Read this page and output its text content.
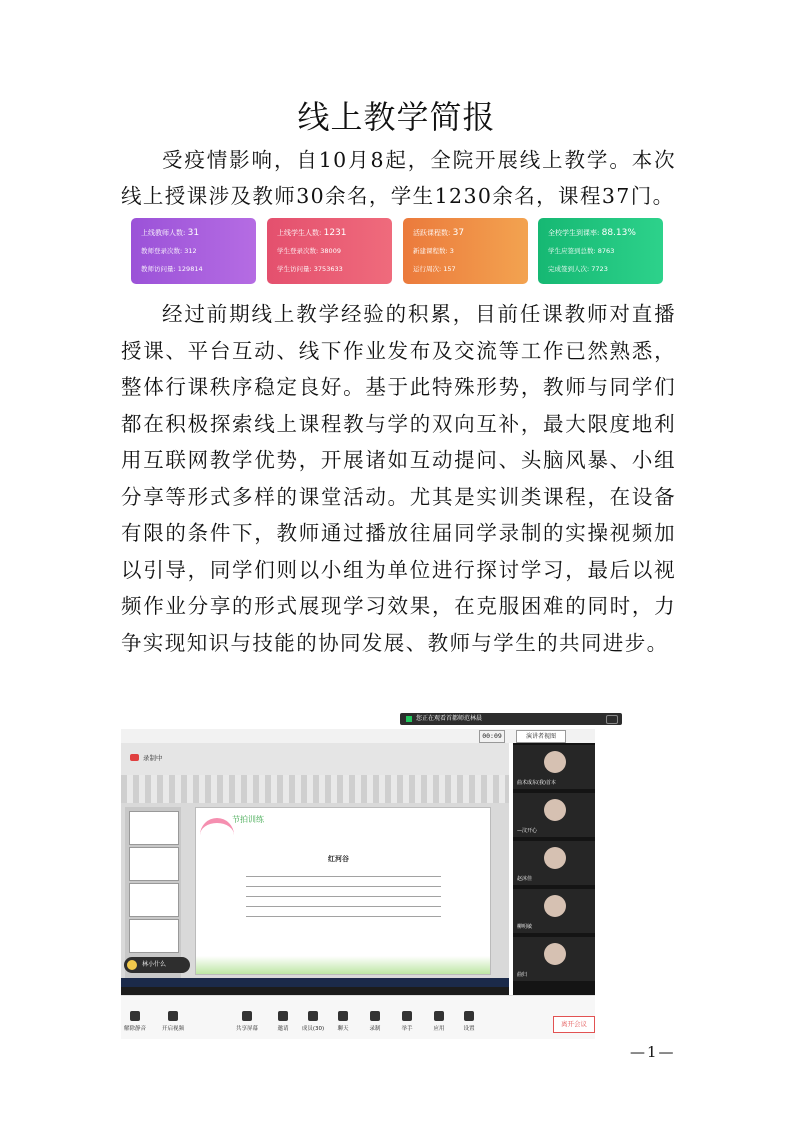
线上教学简报

受疫情影响，自10月8起，全院开展线上教学。本次线上授课涉及教师30余名，学生1230余名，课程37门。

上线教师人数: 31
教师登录次数: 312
教师访问量: 129814
上线学生人数: 1231
学生登录次数: 38009
学生访问量: 3753633
活跃课程数: 37
新建课程数: 3
运行周次: 157
全校学生到课率: 88.13%
学生应签到总数: 8763
完成签到人次: 7723

经过前期线上教学经验的积累，目前任课教师对直播授课、平台互动、线下作业发布及交流等工作已然熟悉，整体行课秩序稳定良好。基于此特殊形势，教师与同学们都在积极探索线上课程教与学的双向互补，最大限度地利用互联网教学优势，开展诸如互动提问、头脑风暴、小组分享等形式多样的课堂活动。尤其是实训类课程，在设备有限的条件下，教师通过播放往届同学录制的实操视频加以引导，同学们则以小组为单位进行探讨学习，最后以视频作业分享的形式展现学习效果，在克服困难的同时，力争实现知识与技能的协同发展、教师与学生的共同进步。

您正在观看首都师范林晨
00:09	演讲者视图
录制中
节拍训练
红河谷
林小什么
曲术成东(我)首本
—汶开心
赵沐佳
柳明敏
曲归
解除静音	开启视频	共享屏幕	邀请	成员(30)	聊天	录制	举手	应用	设置
离开会议
—1—
